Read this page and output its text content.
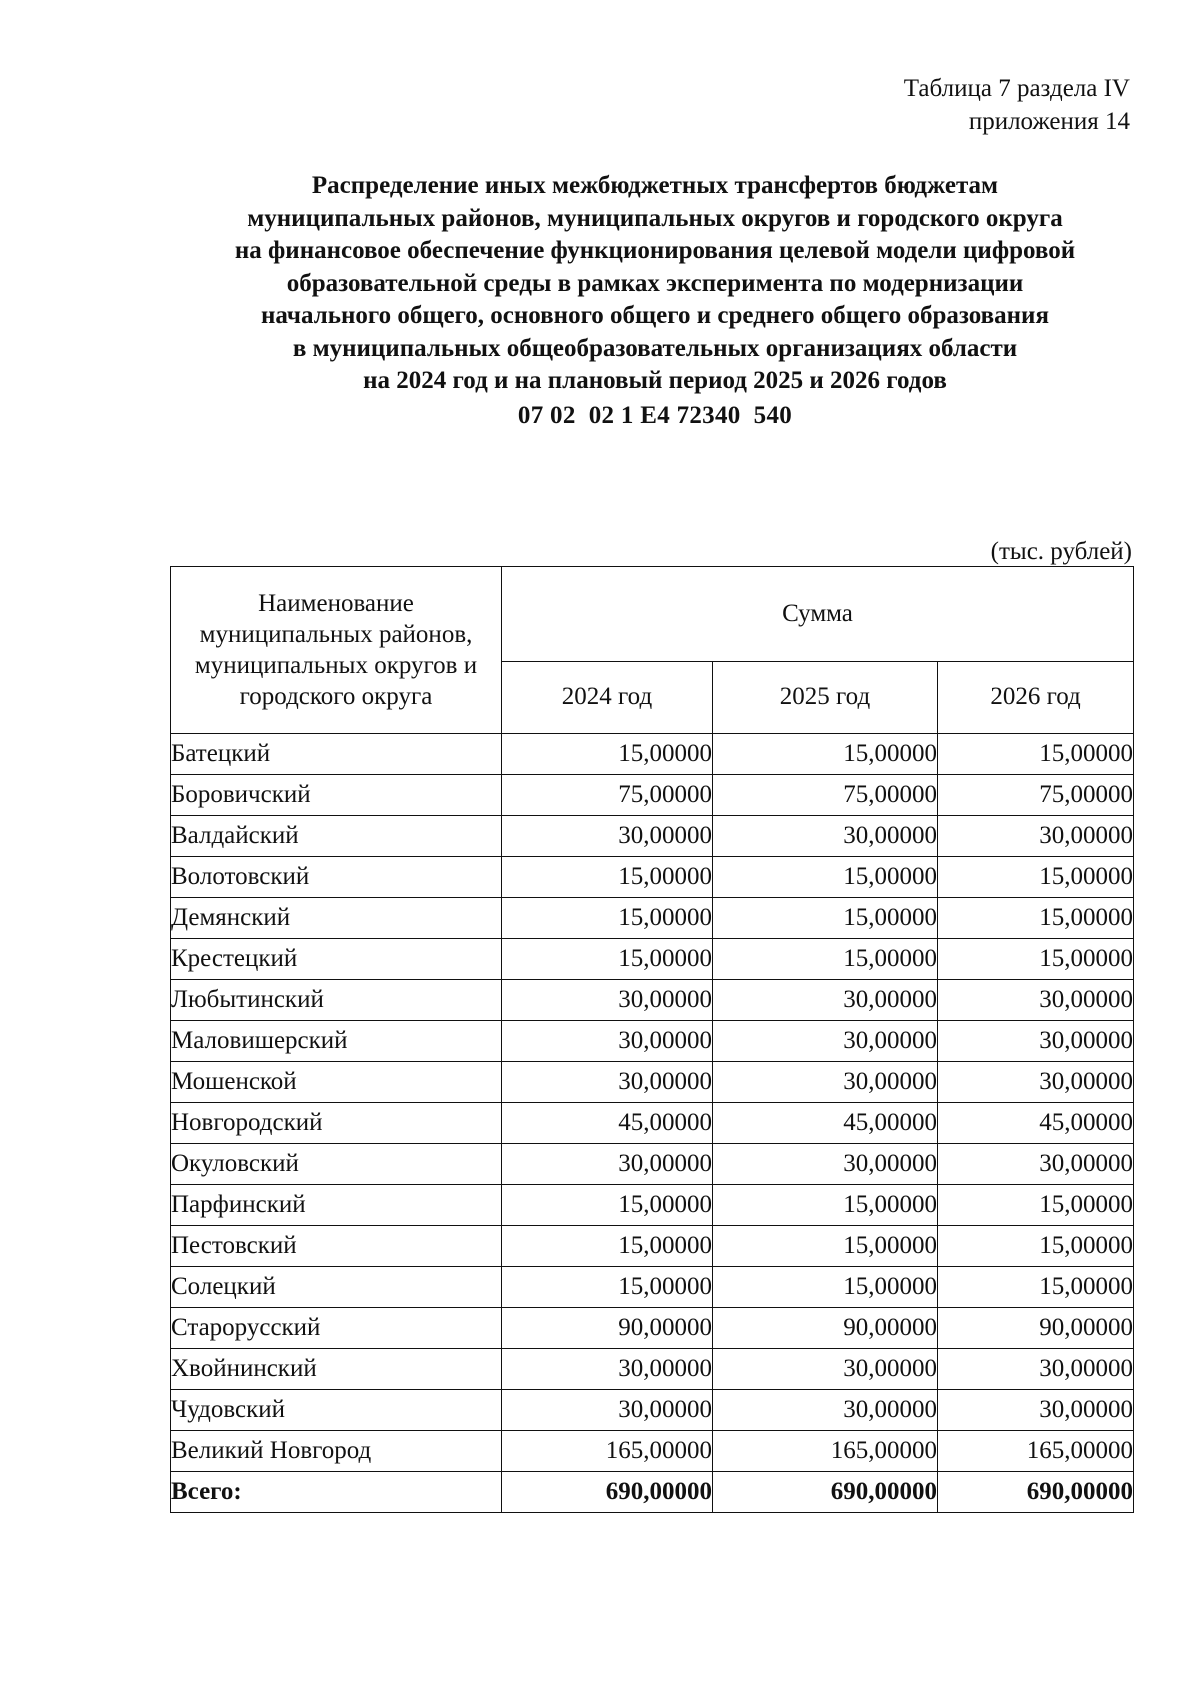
Таблица 7 раздела IV
приложения 14
Распределение иных межбюджетных трансфертов бюджетам
муниципальных районов, муниципальных округов и городского округа
на финансовое обеспечение функционирования целевой модели цифровой
образовательной среды в рамках эксперимента по модернизации
начального общего, основного общего и среднего общего образования
в муниципальных общеобразовательных организациях области
на 2024 год и на плановый период 2025 и 2026 годов
07 02  02 1 E4 72340  540
(тыс. рублей)
Наименование муниципальных районов, муниципальных округов и городского округа	Сумма		
	2024 год	2025 год	2026 год
Батецкий	15,00000	15,00000	15,00000
Боровичский	75,00000	75,00000	75,00000
Валдайский	30,00000	30,00000	30,00000
Волотовский	15,00000	15,00000	15,00000
Демянский	15,00000	15,00000	15,00000
Крестецкий	15,00000	15,00000	15,00000
Любытинский	30,00000	30,00000	30,00000
Маловишерский	30,00000	30,00000	30,00000
Мошенской	30,00000	30,00000	30,00000
Новгородский	45,00000	45,00000	45,00000
Окуловский	30,00000	30,00000	30,00000
Парфинский	15,00000	15,00000	15,00000
Пестовский	15,00000	15,00000	15,00000
Солецкий	15,00000	15,00000	15,00000
Старорусский	90,00000	90,00000	90,00000
Хвойнинский	30,00000	30,00000	30,00000
Чудовский	30,00000	30,00000	30,00000
Великий Новгород	165,00000	165,00000	165,00000
Всего:	690,00000	690,00000	690,00000
